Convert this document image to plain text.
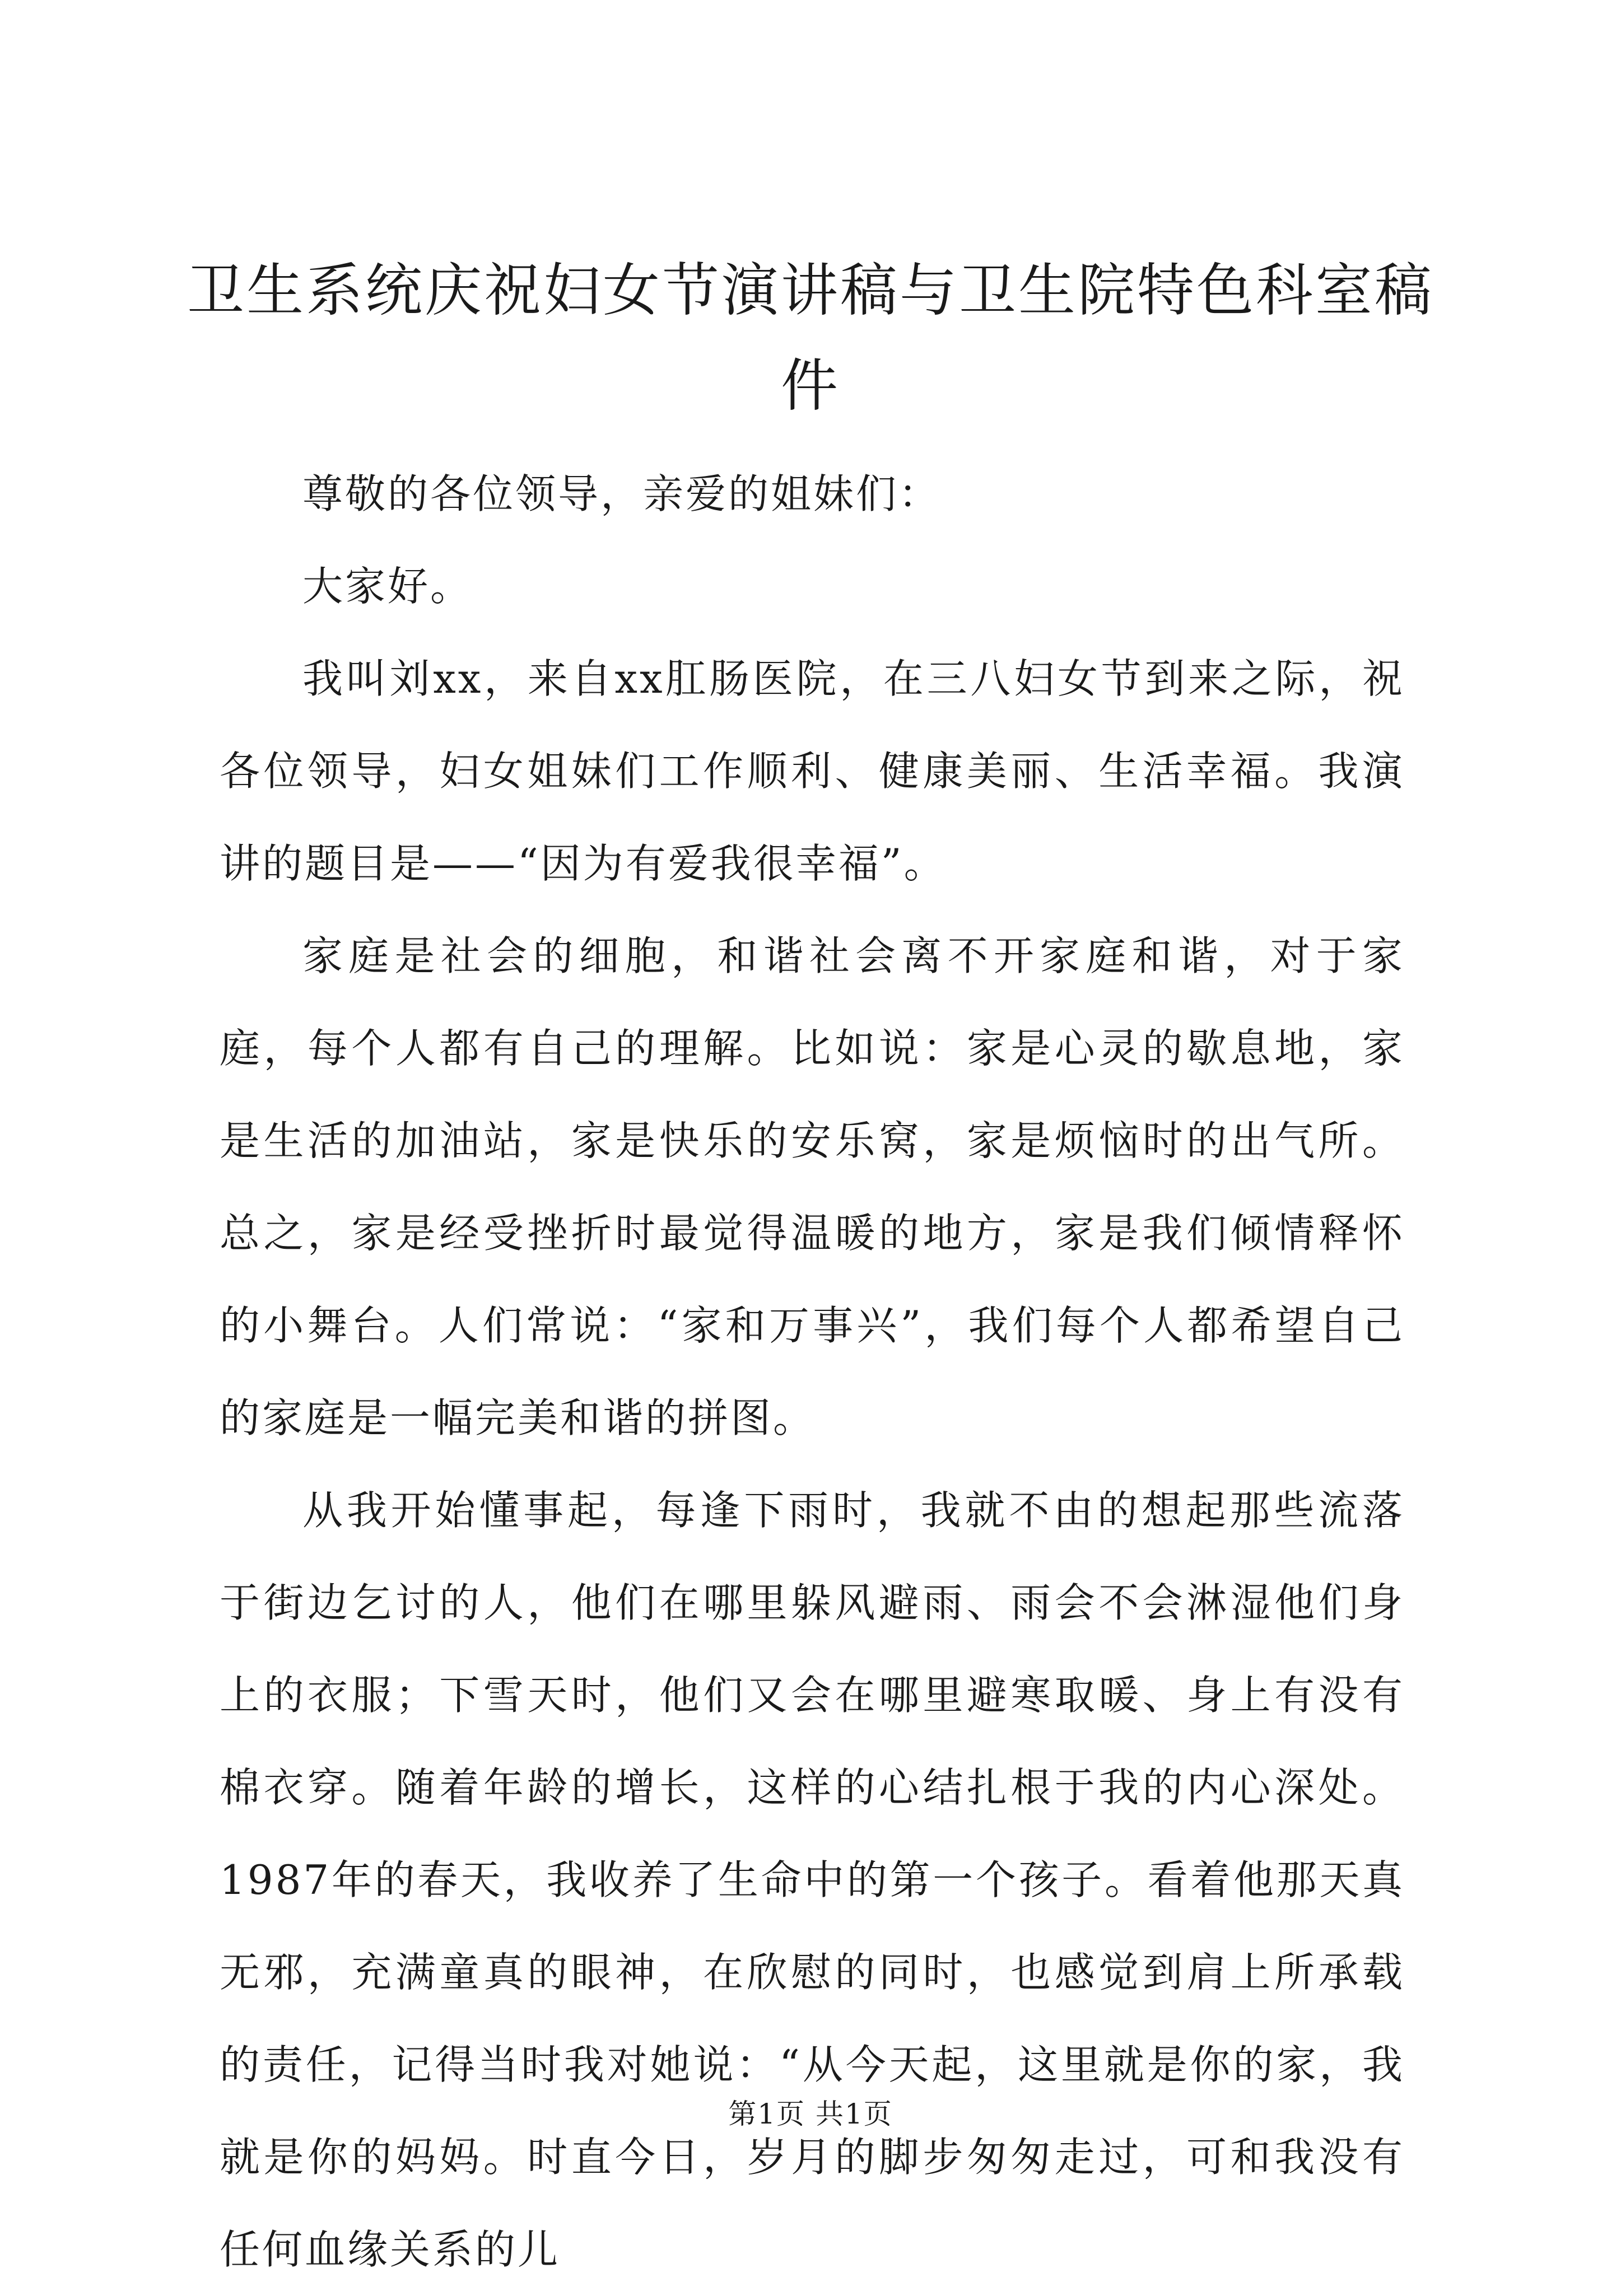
卫生系统庆祝妇女节演讲稿与卫生院特色科室稿件

尊敬的各位领导，亲爱的姐妹们：

大家好。

我叫刘xx，来自xx肛肠医院，在三八妇女节到来之际，祝各位领导，妇女姐妹们工作顺利、健康美丽、生活幸福。我演讲的题目是——“因为有爱我很幸福”。

家庭是社会的细胞，和谐社会离不开家庭和谐，对于家庭，每个人都有自己的理解。比如说：家是心灵的歇息地，家是生活的加油站，家是快乐的安乐窝，家是烦恼时的出气所。总之，家是经受挫折时最觉得温暖的地方，家是我们倾情释怀的小舞台。人们常说：“家和万事兴”，我们每个人都希望自己的家庭是一幅完美和谐的拼图。

从我开始懂事起，每逢下雨时，我就不由的想起那些流落于街边乞讨的人，他们在哪里躲风避雨、雨会不会淋湿他们身上的衣服；下雪天时，他们又会在哪里避寒取暖、身上有没有棉衣穿。随着年龄的增长，这样的心结扎根于我的内心深处。1987年的春天，我收养了生命中的第一个孩子。看着他那天真无邪，充满童真的眼神，在欣慰的同时，也感觉到肩上所承载的责任，记得当时我对她说：“从今天起，这里就是你的家，我就是你的妈妈。时直今日，岁月的脚步匆匆走过，可和我没有任何血缘关系的儿

第1页 共1页
